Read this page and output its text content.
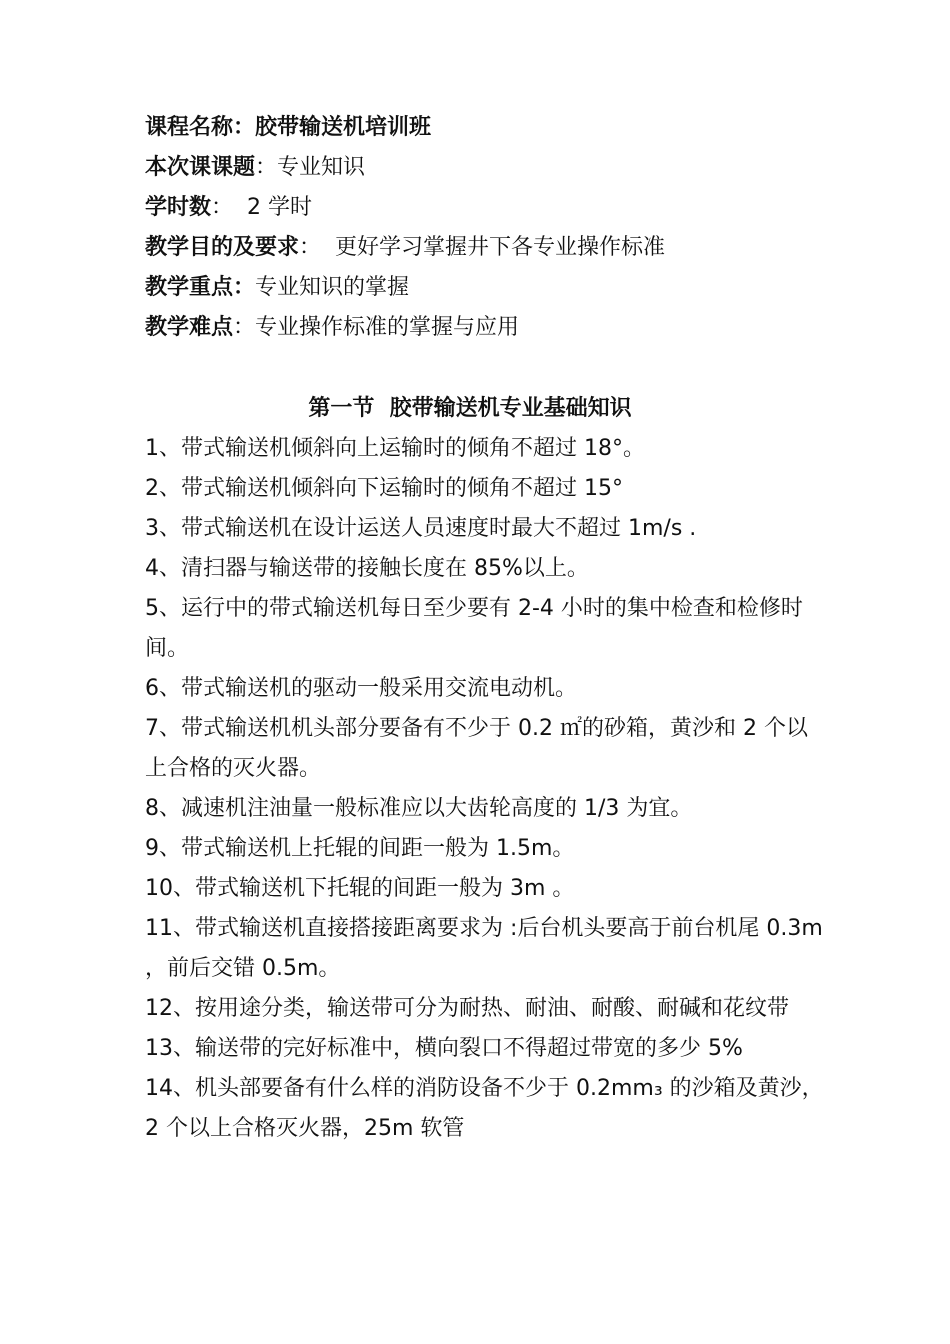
课程名称：胶带输送机培训班
本次课课题：专业知识
学时数：  2 学时
教学目的及要求：  更好学习掌握井下各专业操作标准
教学重点：专业知识的掌握
教学难点：专业操作标准的掌握与应用
第一节  胶带输送机专业基础知识
1、带式输送机倾斜向上运输时的倾角不超过 18°。
2、带式输送机倾斜向下运输时的倾角不超过 15°
3、带式输送机在设计运送人员速度时最大不超过 1m/s .
4、清扫器与输送带的接触长度在 85%以上。
5、运行中的带式输送机每日至少要有 2-4 小时的集中检查和检修时间。
6、带式输送机的驱动一般采用交流电动机。
7、带式输送机机头部分要备有不少于 0.2 ㎡的砂箱，黄沙和 2 个以上合格的灭火器。
8、减速机注油量一般标准应以大齿轮高度的 1/3 为宜。
9、带式输送机上托辊的间距一般为 1.5m。
10、带式输送机下托辊的间距一般为 3m 。
11、带式输送机直接搭接距离要求为 :后台机头要高于前台机尾 0.3m ，前后交错 0.5m。
12、按用途分类，输送带可分为耐热、耐油、耐酸、耐碱和花纹带
13、输送带的完好标准中，横向裂口不得超过带宽的多少 5%
14、机头部要备有什么样的消防设备不少于 0.2mm₃ 的沙箱及黄沙，2 个以上合格灭火器，25m 软管
